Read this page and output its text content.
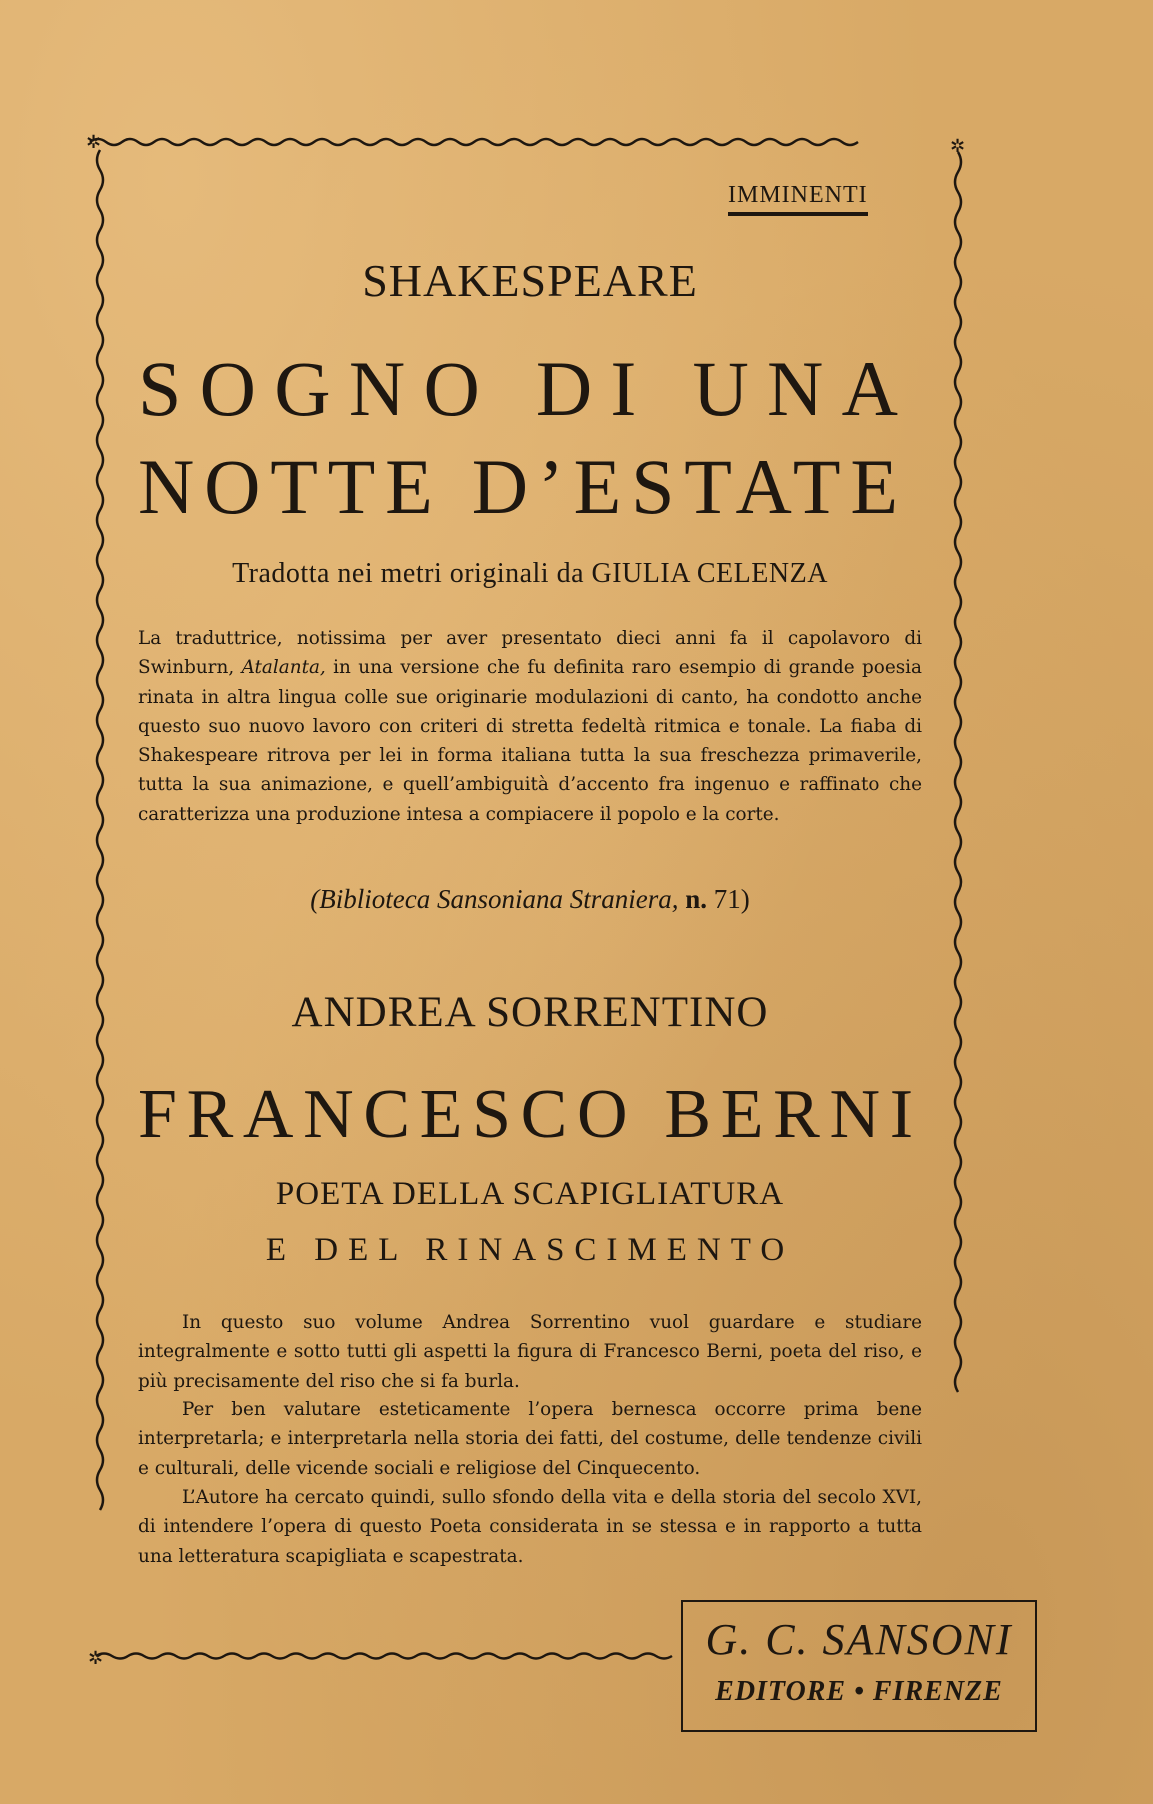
✲	✲
✲
IMMINENTI
SHAKESPEARE
SOGNO DI UNA
NOTTE D’ESTATE
Tradotta nei metri originali da GIULIA CELENZA

La traduttrice, notissima per aver presentato dieci anni fa il capolavoro di Swinburn, Atalanta, in una versione che fu definita raro esempio di grande poesia rinata in altra lingua colle sue originarie modulazioni di canto, ha condotto anche questo suo nuovo lavoro con criteri di stretta fedeltà ritmica e tonale. La fiaba di Shakespeare ritrova per lei in forma italiana tutta la sua freschezza primaverile, tutta la sua animazione, e quell’ambiguità d’accento fra ingenuo e raffinato che caratterizza una produzione intesa a compiacere il popolo e la corte.

(Biblioteca Sansoniana Straniera, n. 71)
ANDREA SORRENTINO
FRANCESCO BERNI
POETA DELLA SCAPIGLIATURA
E DEL RINASCIMENTO

In questo suo volume Andrea Sorrentino vuol guardare e studiare integralmente e sotto tutti gli aspetti la figura di Francesco Berni, poeta del riso, e più precisamente del riso che si fa burla.

Per ben valutare esteticamente l’opera bernesca occorre prima bene interpretarla; e interpretarla nella storia dei fatti, del costume, delle tendenze civili e culturali, delle vicende sociali e religiose del Cinquecento.

L’Autore ha cercato quindi, sullo sfondo della vita e della storia del secolo XVI, di intendere l’opera di questo Poeta considerata in se stessa e in rapporto a tutta una letteratura scapigliata e scapestrata.

G. C. SANSONI
EDITORE • FIRENZE
